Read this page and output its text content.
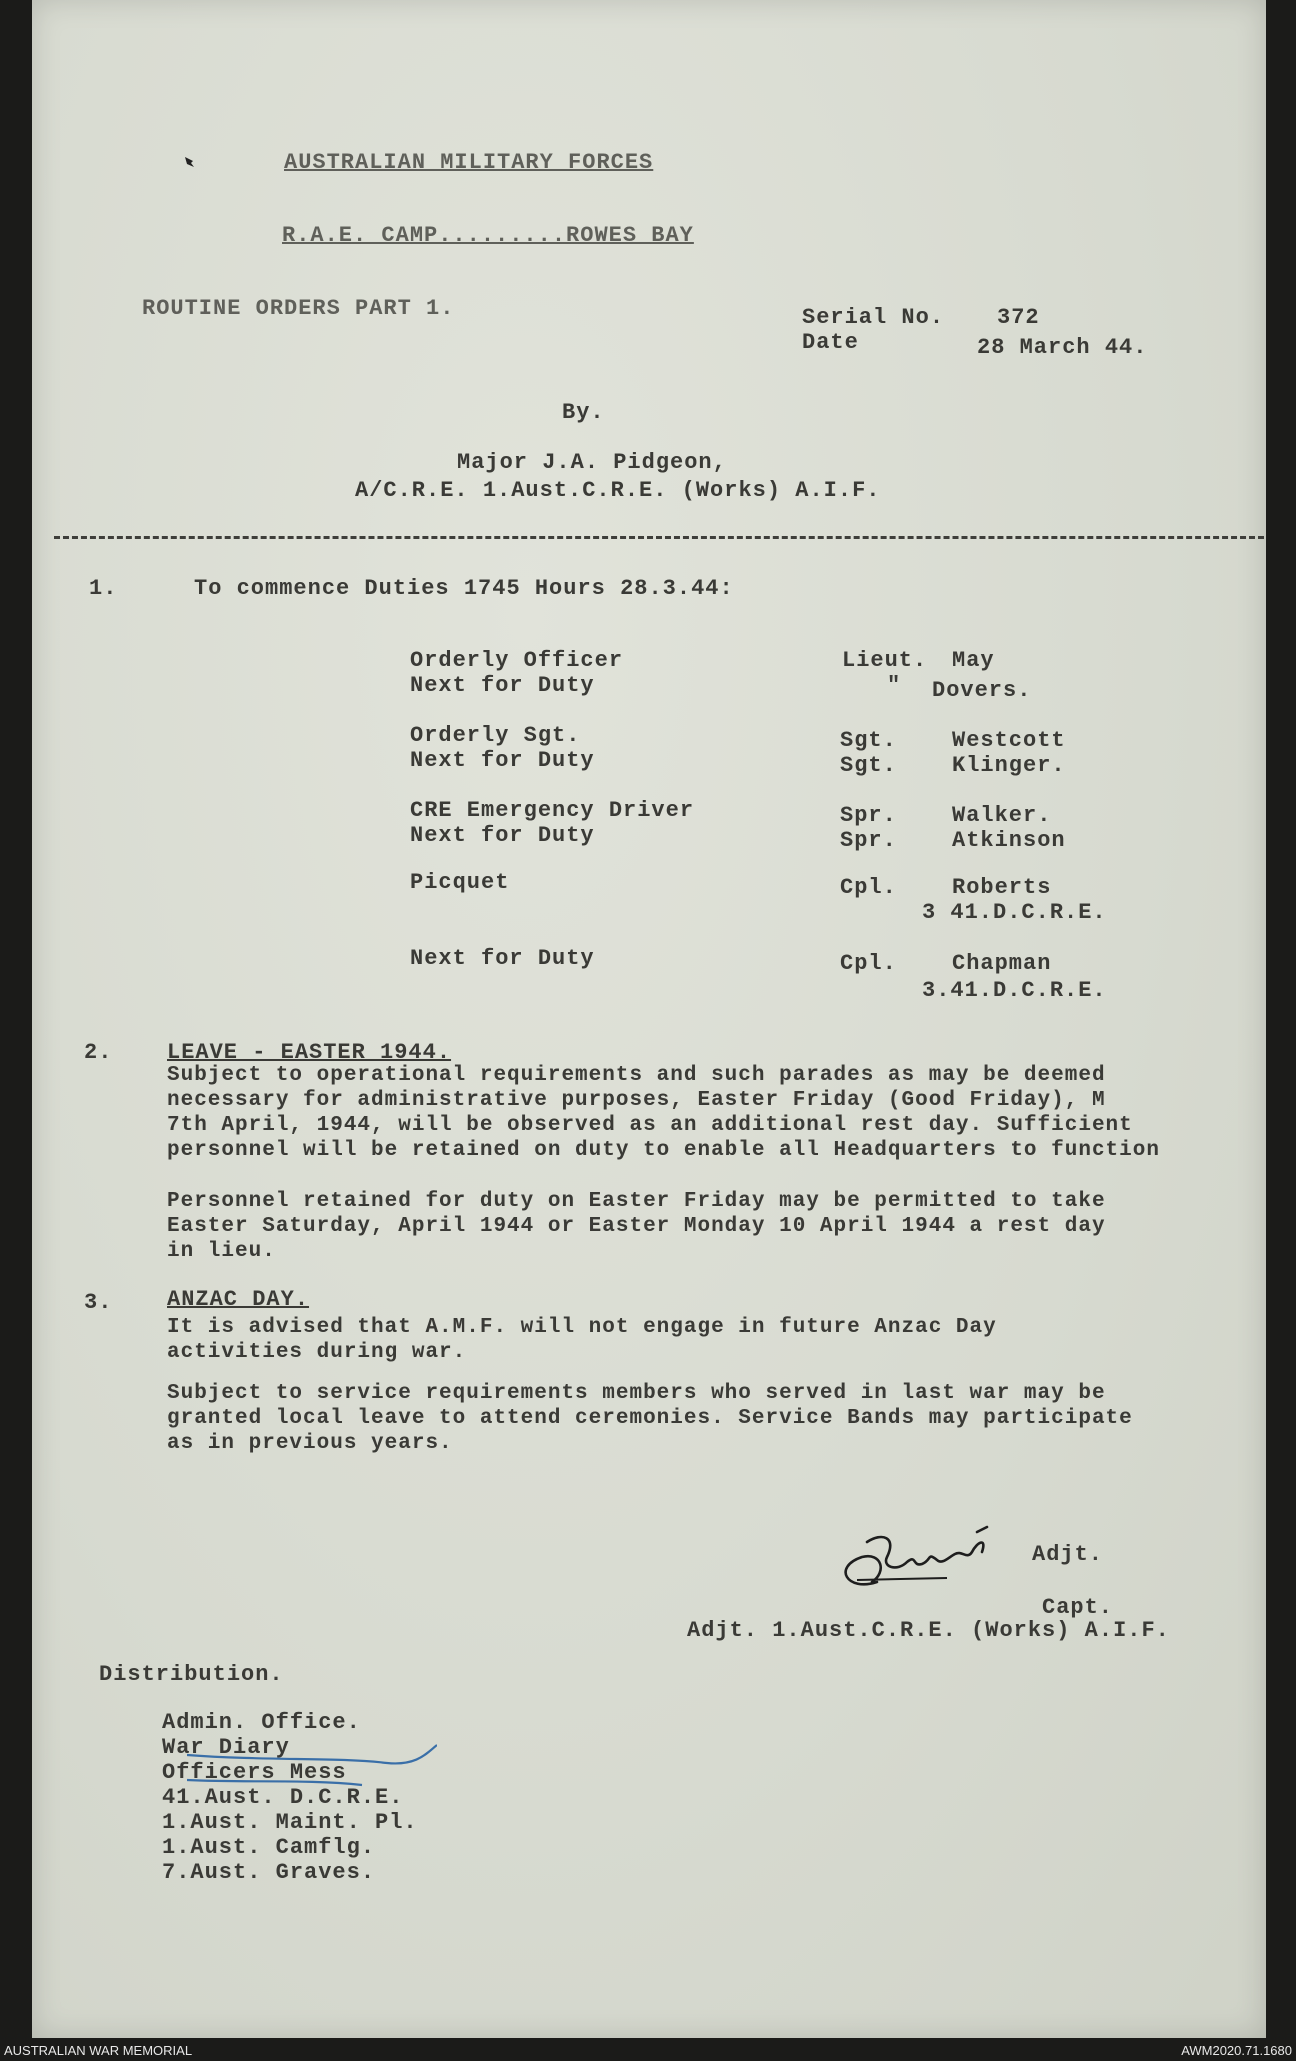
AUSTRALIAN MILITARY FORCES
R.A.E. CAMP.........ROWES BAY
ROUTINE ORDERS PART 1.	Serial No. 372
Date	28 March 44.
By.
Major J.A. Pidgeon,
A/C.R.E. 1.Aust.C.R.E. (Works) A.I.F.
1.	To commence Duties 1745 Hours 28.3.44:
Orderly Officer	Lieut. May
Next for Duty	" Dovers.
Orderly Sgt.	Sgt.	Westcott
Next for Duty	Sgt.	Klinger.
CRE Emergency Driver	Spr.	Walker.
Next for Duty	Spr.	Atkinson
Picquet	Cpl.	Roberts
3 41.D.C.R.E.
Next for Duty	Cpl.	Chapman
3.41.D.C.R.E.
2. LEAVE - EASTER 1944.
Subject to operational requirements and such parades as may be deemed
necessary for administrative purposes, Easter Friday (Good Friday), M
7th April, 1944, will be observed as an additional rest day. Sufficient
personnel will be retained on duty to enable all Headquarters to function
Personnel retained for duty on Easter Friday may be permitted to take
Easter Saturday, April 1944 or Easter Monday 10 April 1944 a rest day
in lieu.
3. ANZAC DAY.
It is advised that A.M.F. will not engage in future Anzac Day
activities during war.
Subject to service requirements members who served in last war may be
granted local leave to attend ceremonies. Service Bands may participate
as in previous years.
Adjt.
Capt.
Adjt. 1.Aust.C.R.E. (Works) A.I.F.
Distribution.
Admin. Office.
War Diary
Officers Mess
41.Aust. D.C.R.E.
1.Aust. Maint. Pl.
1.Aust. Camflg.
7.Aust. Graves.
AUSTRALIAN WAR MEMORIAL	AWM2020.71.1680
